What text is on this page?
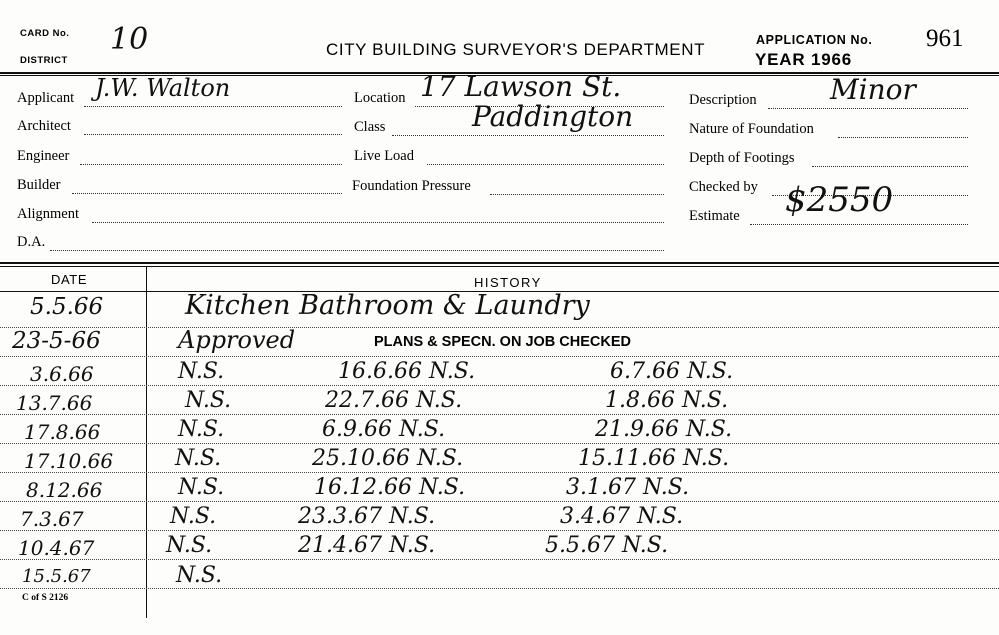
CARD No.
DISTRICT
10	CITY BUILDING SURVEYOR'S DEPARTMENT	APPLICATION No. 961
YEAR 1966
Applicant J.W. Walton
Architect
Engineer
Builder
Alignment
D.A.
Location 17 Lawson St.
Class	Paddington
Live Load
Foundation Pressure
Description	Minor
Nature of Foundation
Depth of Footings
Checked by
Estimate $2550
DATE	HISTORY
5.5.66	Kitchen Bathroom & Laundry
23-5-66	Approved	PLANS & SPECN. ON JOB CHECKED
3.6.66	N.S.	16.6.66 N.S.	6.7.66 N.S.
13.7.66	N.S.	22.7.66 N.S.	1.8.66 N.S.
17.8.66	N.S.	6.9.66 N.S.	21.9.66 N.S.
17.10.66	N.S.	25.10.66 N.S.	15.11.66 N.S.
8.12.66	N.S.	16.12.66 N.S.	3.1.67 N.S.
7.3.67	N.S.	23.3.67 N.S.	3.4.67 N.S.
10.4.67	N.S.	21.4.67 N.S.	5.5.67 N.S.
15.5.67	N.S.
C of S 2126
